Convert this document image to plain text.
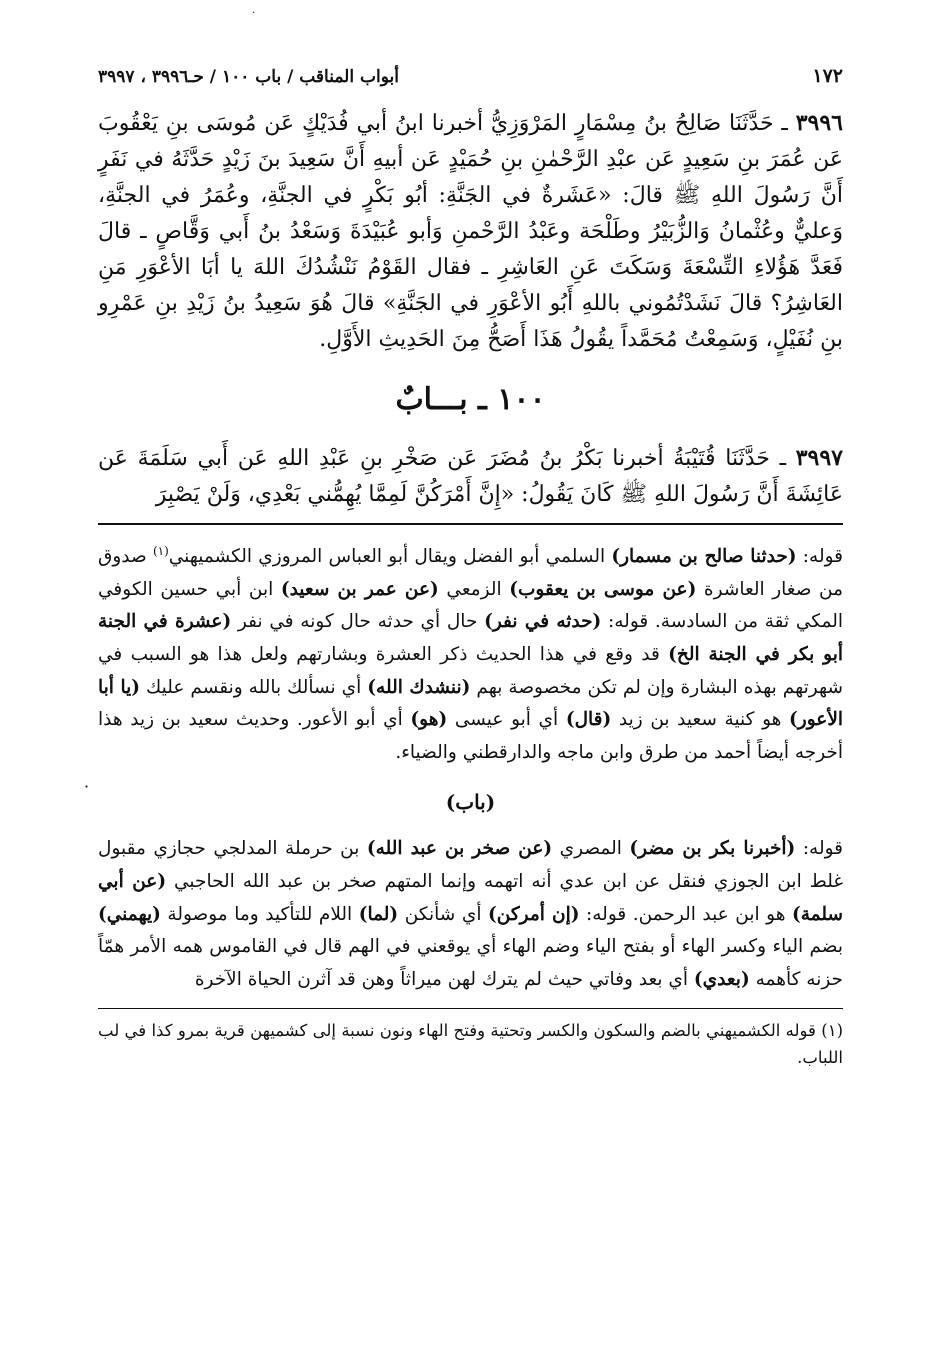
·
١٧٢
أبواب المناقب / باب ١٠٠ / حـ٣٩٩٦ ، ٣٩٩٧

٣٩٩٦ ـ حَدَّثَنَا صَالِحُ بنُ مِسْمَارٍ المَرْوَزِيُّ أخبرنا ابنُ أبي فُدَيْكٍ عَن مُوسَى بنِ يَعْقُوبَ عَن عُمَرَ بنِ سَعِيدٍ عَن عبْدِ الرَّحْمٰنِ بنِ حُمَيْدٍ عَن أبيهِ أَنَّ سَعِيدَ بنَ زَيْدٍ حَدَّثَهُ في نَفَرٍ أَنَّ رَسُولَ اللهِ ﷺ قالَ: «عَشَرةٌ في الجَنَّةِ: أبُو بَكْرٍ في الجنَّةِ، وعُمَرُ في الجنَّةِ، وَعليٌّ وعُثْمانُ وَالزُّبَيْرُ وطَلْحَة وعَبْدُ الرَّحْمنِ وَأبو عُبَيْدَةَ وَسَعْدُ بنُ أَبي وَقَّاصٍ ـ قالَ فَعَدَّ هَؤُلاءِ التِّسْعَةَ وَسَكَتَ عَنِ العَاشِرِ ـ فقال القَوْمُ نَنْشُدُكَ اللهَ يا أبَا الأعْوَرِ مَنِ العَاشِرُ؟ قالَ نَشَدْتُمُوني باللهِ أَبُو الأعْوَرِ في الجَنَّةِ» قالَ هُوَ سَعِيدُ بنُ زَيْدِ بنِ عَمْرِو بنِ نُفَيْلٍ، وَسَمِعْتُ مُحَمَّداً يقُولُ هَذَا أَصَحُّ مِنَ الحَدِيثِ الأَوَّلِ.

١٠٠ ـ بـــابٌ

٣٩٩٧ ـ حَدَّثَنَا قُتَيْبَةُ أخبرنا بَكْرُ بنُ مُضَرَ عَن صَخْرِ بنِ عَبْدِ اللهِ عَن أَبي سَلَمَةَ عَن عَائِشَةَ أَنَّ رَسُولَ اللهِ ﷺ كَانَ يَقُولُ: «إِنَّ أَمْرَكُنَّ لَمِمَّا يُهِمُّني بَعْدِي، وَلَنْ يَصْبِرَ

قوله: (حدثنا صالح بن مسمار) السلمي أبو الفضل ويقال أبو العباس المروزي الكشميهني$^{(١)}$ صدوق من صغار العاشرة (عن موسى بن يعقوب) الزمعي (عن عمر بن سعيد) ابن أبي حسين الكوفي المكي ثقة من السادسة. قوله: (حدثه في نفر) حال أي حدثه حال كونه في نفر (عشرة في الجنة أبو بكر في الجنة الخ) قد وقع في هذا الحديث ذكر العشرة وبشارتهم ولعل هذا هو السبب في شهرتهم بهذه البشارة وإن لم تكن مخصوصة بهم (ننشدك الله) أي نسألك بالله ونقسم عليك (يا أبا الأعور) هو كنية سعيد بن زيد (قال) أي أبو عيسى (هو) أي أبو الأعور. وحديث سعيد بن زيد هذا أخرجه أيضاً أحمد من طرق وابن ماجه والدارقطني والضياء.

(باب)

قوله: (أخبرنا بكر بن مضر) المصري (عن صخر بن عبد الله) بن حرملة المدلجي حجازي مقبول غلط ابن الجوزي فنقل عن ابن عدي أنه اتهمه وإنما المتهم صخر بن عبد الله الحاجبي (عن أبي سلمة) هو ابن عبد الرحمن. قوله: (إن أمركن) أي شأنكن (لما) اللام للتأكيد وما موصولة (يهمني) بضم الياء وكسر الهاء أو بفتح الياء وضم الهاء أي يوقعني في الهم قال في القاموس همه الأمر همّاً حزنه كأهمه (بعدي) أي بعد وفاتي حيث لم يترك لهن ميراثاً وهن قد آثرن الحياة الآخرة

(١) قوله الكشميهني بالضم والسكون والكسر وتحتية وفتح الهاء ونون نسبة إلى كشميهن قرية بمرو كذا في لب اللباب.

·
